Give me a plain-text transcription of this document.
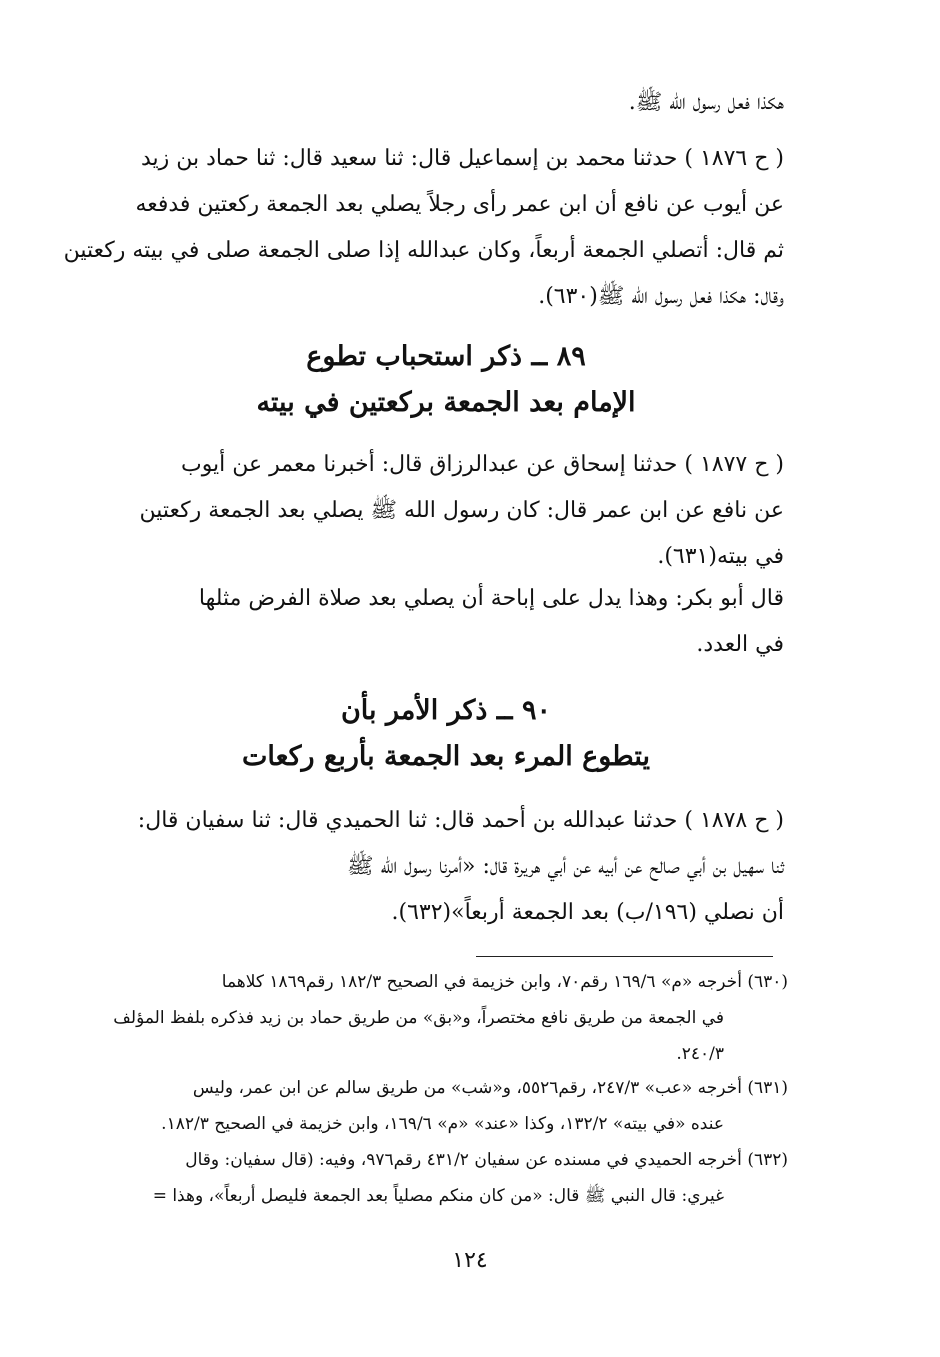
هكذا فعل رسول الله ﷺ.
( ح ١٨٧٦ ) حدثنا محمد بن إسماعيل قال: ثنا سعيد قال: ثنا حماد بن زيد
عن أيوب عن نافع أن ابن عمر رأى رجلاً يصلي بعد الجمعة ركعتين فدفعه
ثم قال: أتصلي الجمعة أربعاً، وكان عبدالله إذا صلى الجمعة صلى في بيته ركعتين
وقال: هكذا فعل رسول الله ﷺ(٦٣٠).
٨٩ ــ ذكر استحباب تطوع
الإمام بعد الجمعة بركعتين في بيته
( ح ١٨٧٧ ) حدثنا إسحاق عن عبدالرزاق قال: أخبرنا معمر عن أيوب
عن نافع عن ابن عمر قال: كان رسول الله ﷺ يصلي بعد الجمعة ركعتين
في بيته(٦٣١).
قال أبو بكر: وهذا يدل على إباحة أن يصلي بعد صلاة الفرض مثلها
في العدد.
٩٠ ــ ذكر الأمر بأن
يتطوع المرء بعد الجمعة بأربع ركعات
( ح ١٨٧٨ ) حدثنا عبدالله بن أحمد قال: ثنا الحميدي قال: ثنا سفيان قال:
ثنا سهيل بن أبي صالح عن أبيه عن أبي هريرة قال: «أمرنا رسول الله ﷺ
أن نصلي (١٩٦/ب) بعد الجمعة أربعاً»(٦٣٢).
(٦٣٠) أخرجه «م» ١٦٩/٦ رقم٧٠، وابن خزيمة في الصحيح ١٨٢/٣ رقم١٨٦٩ كلاهما
في الجمعة من طريق نافع مختصراً، و«بق» من طريق حماد بن زيد فذكره بلفظ المؤلف
٢٤٠/٣.
(٦٣١) أخرجه «عب» ٢٤٧/٣، رقم٥٥٢٦، و«شب» من طريق سالم عن ابن عمر، وليس
عنده «في بيته» ١٣٢/٢، وكذا «عند» «م» ١٦٩/٦، وابن خزيمة في الصحيح ١٨٢/٣.
(٦٣٢) أخرجه الحميدي في مسنده عن سفيان ٤٣١/٢ رقم٩٧٦، وفيه: (قال سفيان: وقال
غيري: قال النبي ﷺ قال: «من كان منكم مصلياً بعد الجمعة فليصل أربعاً»، وهذا =
١٢٤
